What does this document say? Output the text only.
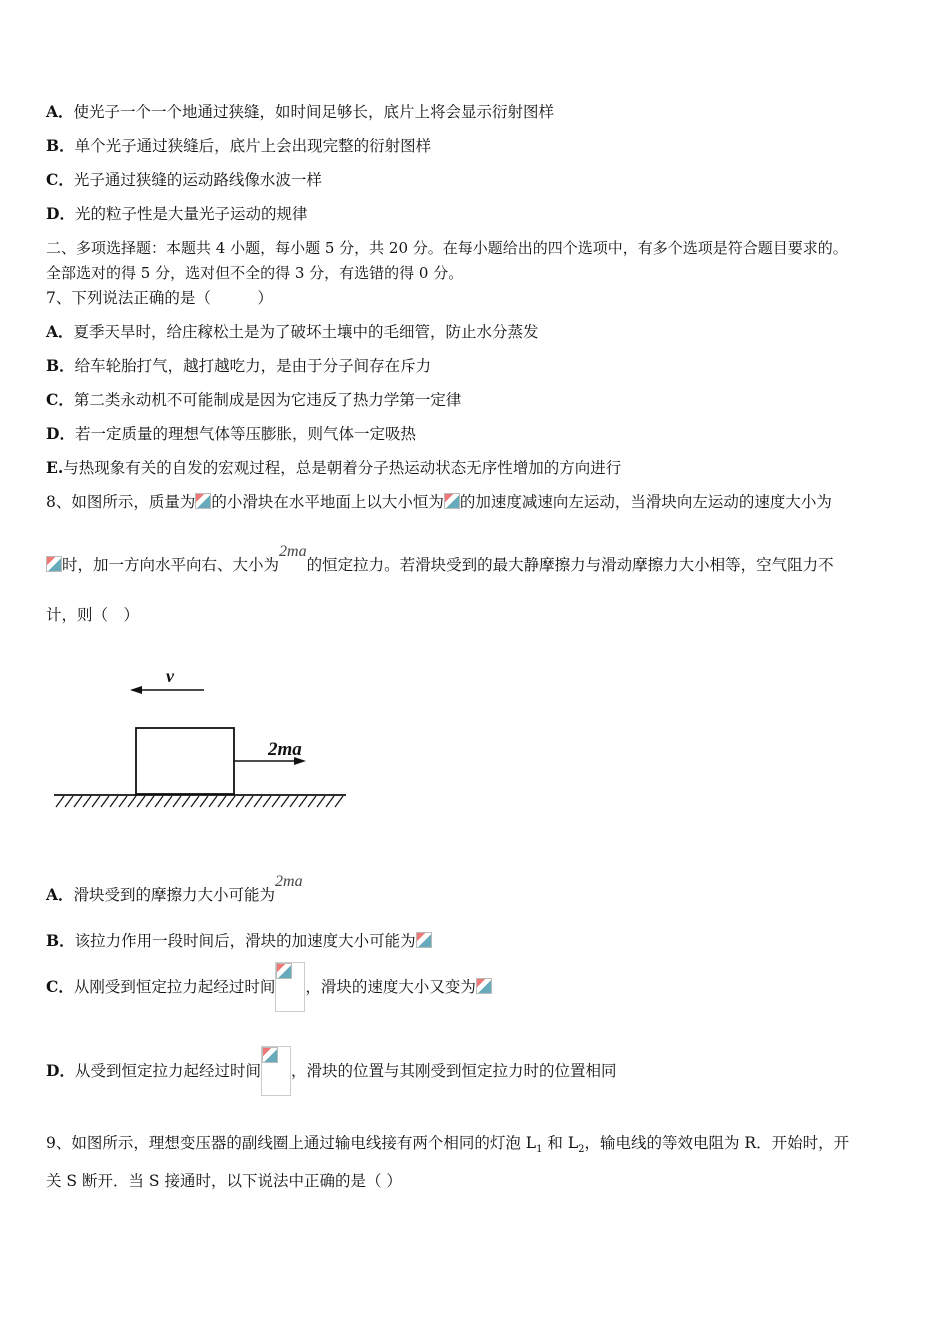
A．使光子一个一个地通过狭缝，如时间足够长，底片上将会显示衍射图样
B．单个光子通过狭缝后，底片上会出现完整的衍射图样
C．光子通过狭缝的运动路线像水波一样
D．光的粒子性是大量光子运动的规律
二、多项选择题：本题共 4 小题，每小题 5 分，共 20 分。在每小题给出的四个选项中，有多个选项是符合题目要求的。
全部选对的得 5 分，选对但不全的得 3 分，有选错的得 0 分。
7、下列说法正确的是（　　　）
A．夏季天旱时，给庄稼松土是为了破坏土壤中的毛细管，防止水分蒸发
B．给车轮胎打气，越打越吃力，是由于分子间存在斥力
C．第二类永动机不可能制成是因为它违反了热力学第一定律
D．若一定质量的理想气体等压膨胀，则气体一定吸热
E.与热现象有关的自发的宏观过程，总是朝着分子热运动状态无序性增加的方向进行
8、如图所示，质量为 的小滑块在水平地面上以大小恒为 的加速度减速向左运动，当滑块向左运动的速度大小为
时，加一方向水平向右、大小为2ma的恒定拉力。若滑块受到的最大静摩擦力与滑动摩擦力大小相等，空气阻力不
计，则（　）
v
2ma
A．滑块受到的摩擦力大小可能为2ma
B．该拉力作用一段时间后，滑块的加速度大小可能为
C．从刚受到恒定拉力起经过时间 ，滑块的速度大小又变为
D．从受到恒定拉力起经过时间 ，滑块的位置与其刚受到恒定拉力时的位置相同
9、如图所示，理想变压器的副线圈上通过输电线接有两个相同的灯泡 $L_1$ 和 $L_2$，输电线的等效电阻为 R．开始时，开
关 S 断开．当 S 接通时，以下说法中正确的是（ ）
